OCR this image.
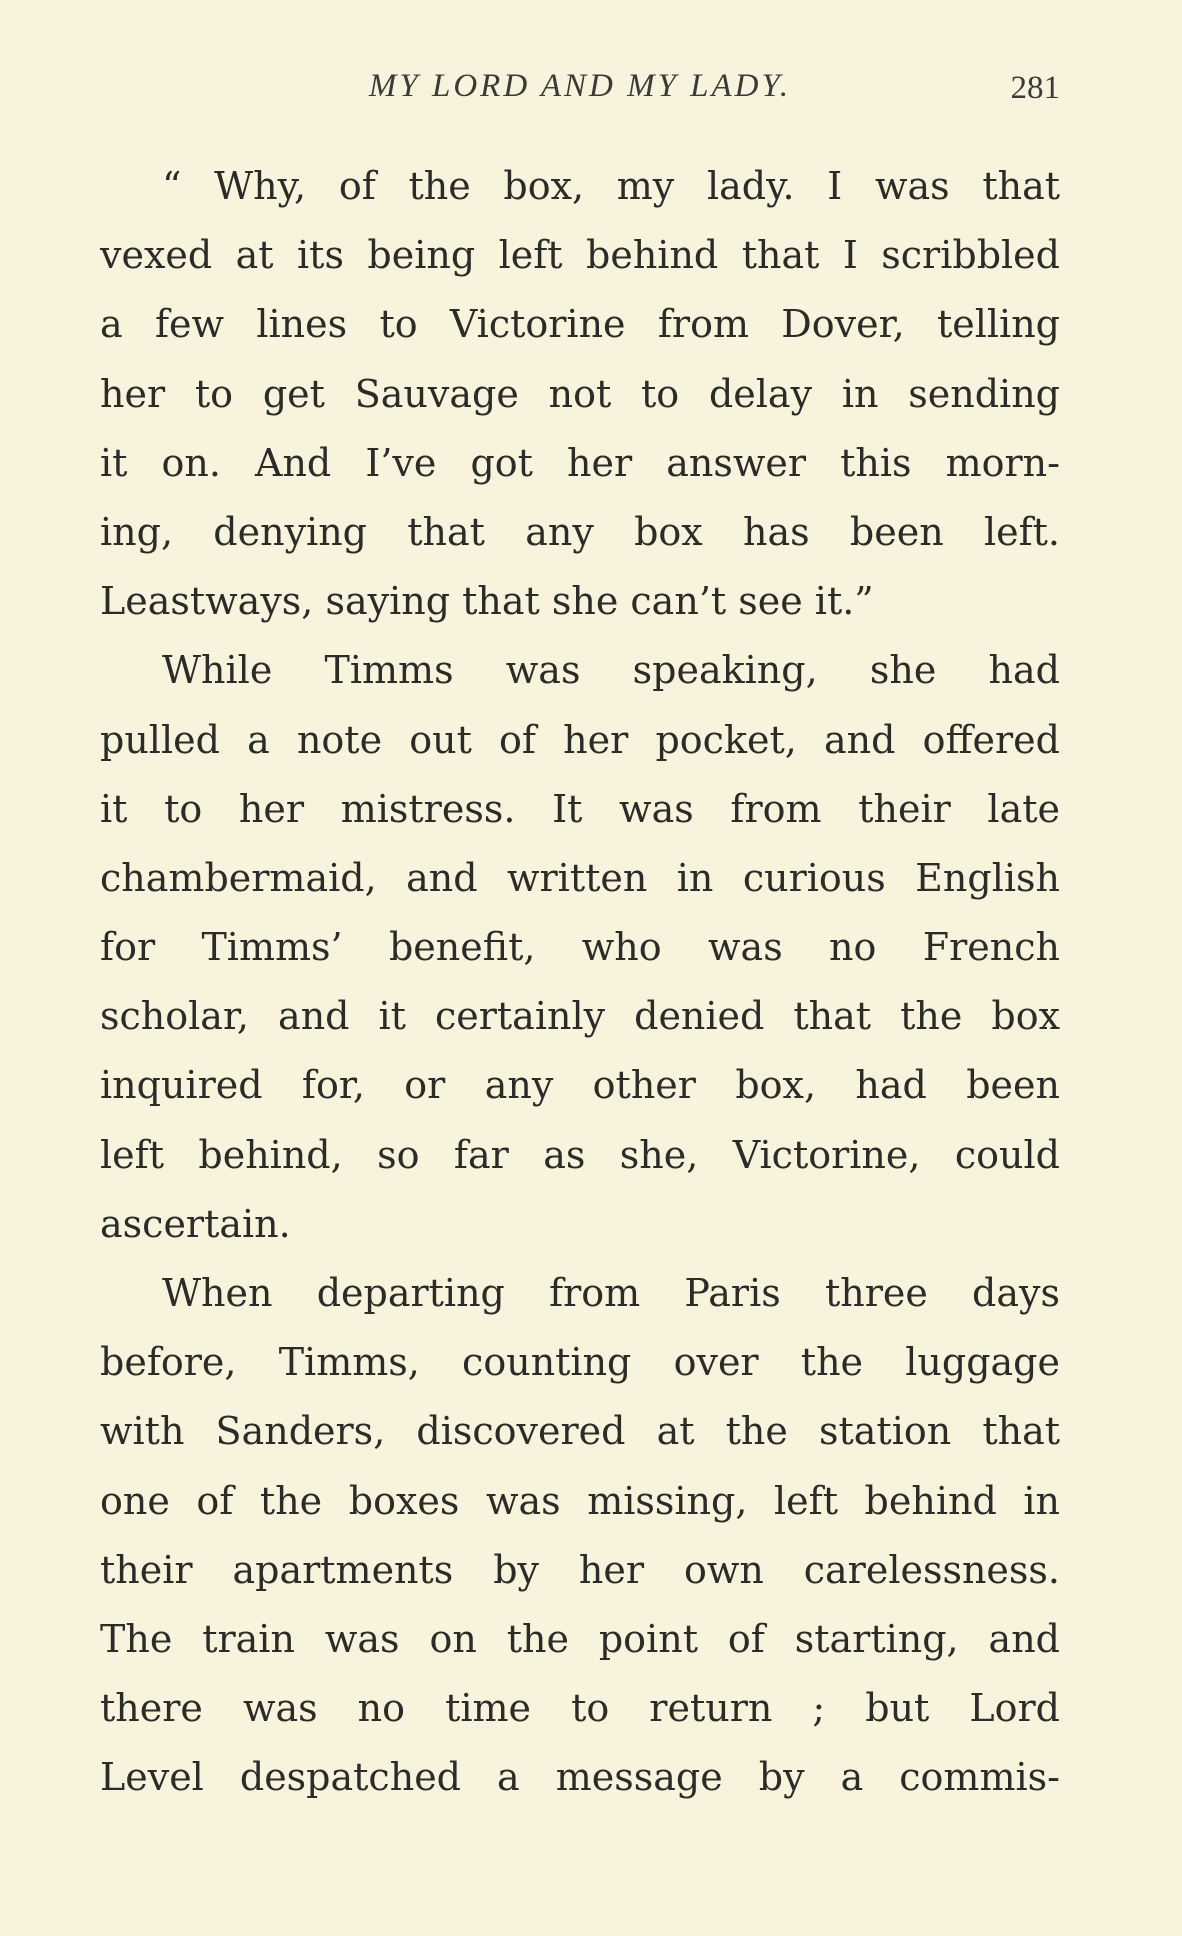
MY LORD AND MY LADY.	281
“ Why, of the box, my lady. I was that
vexed at its being left behind that I scribbled
a few lines to Victorine from Dover, telling
her to get Sauvage not to delay in sending
it on. And I’ve got her answer this morn-
ing, denying that any box has been left.
Leastways, saying that she can’t see it.”
While Timms was speaking, she had
pulled a note out of her pocket, and offered
it to her mistress. It was from their late
chambermaid, and written in curious English
for Timms’ benefit, who was no French
scholar, and it certainly denied that the box
inquired for, or any other box, had been
left behind, so far as she, Victorine, could
ascertain.
When departing from Paris three days
before, Timms, counting over the luggage
with Sanders, discovered at the station that
one of the boxes was missing, left behind in
their apartments by her own carelessness.
The train was on the point of starting, and
there was no time to return ; but Lord
Level despatched a message by a commis-
